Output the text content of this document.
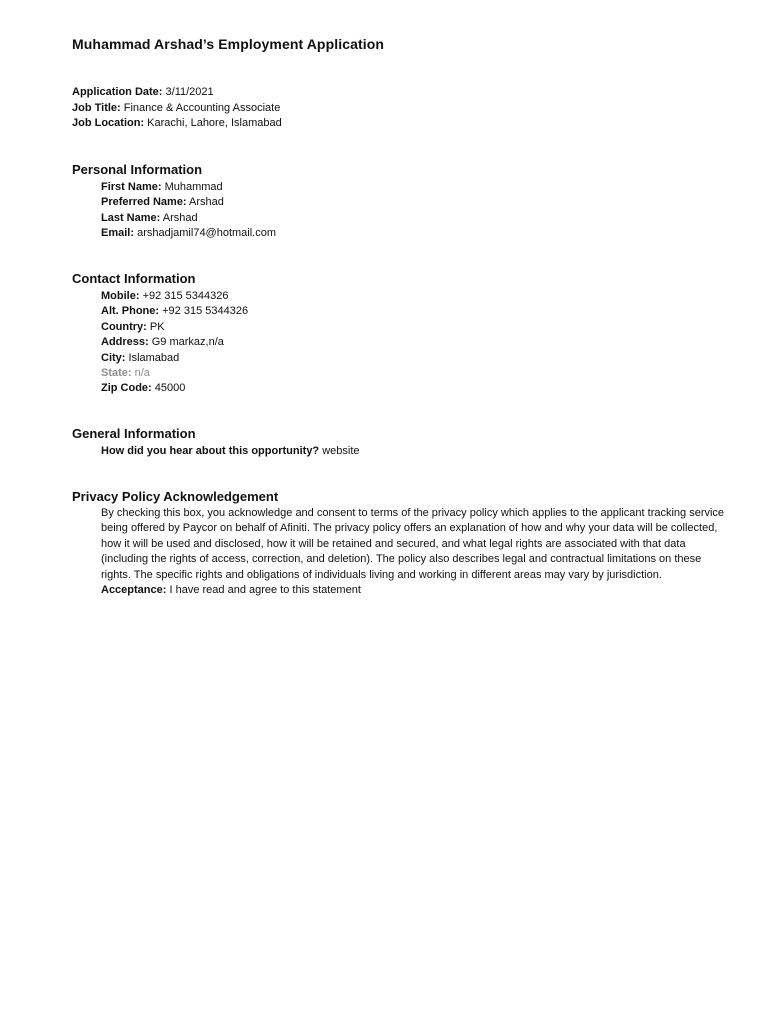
Muhammad Arshad’s Employment Application
Application Date: 3/11/2021
Job Title: Finance & Accounting Associate
Job Location: Karachi, Lahore, Islamabad
Personal Information
First Name: Muhammad
Preferred Name: Arshad
Last Name: Arshad
Email: arshadjamil74@hotmail.com
Contact Information
Mobile: +92 315 5344326
Alt. Phone: +92 315 5344326
Country: PK
Address: G9 markaz,n/a
City: Islamabad
State: n/a
Zip Code: 45000
General Information
How did you hear about this opportunity? website
Privacy Policy Acknowledgement
By checking this box, you acknowledge and consent to terms of the privacy policy which applies to the applicant tracking service being offered by Paycor on behalf of Afiniti. The privacy policy offers an explanation of how and why your data will be collected, how it will be used and disclosed, how it will be retained and secured, and what legal rights are associated with that data (including the rights of access, correction, and deletion). The policy also describes legal and contractual limitations on these rights. The specific rights and obligations of individuals living and working in different areas may vary by jurisdiction.
Acceptance: I have read and agree to this statement
